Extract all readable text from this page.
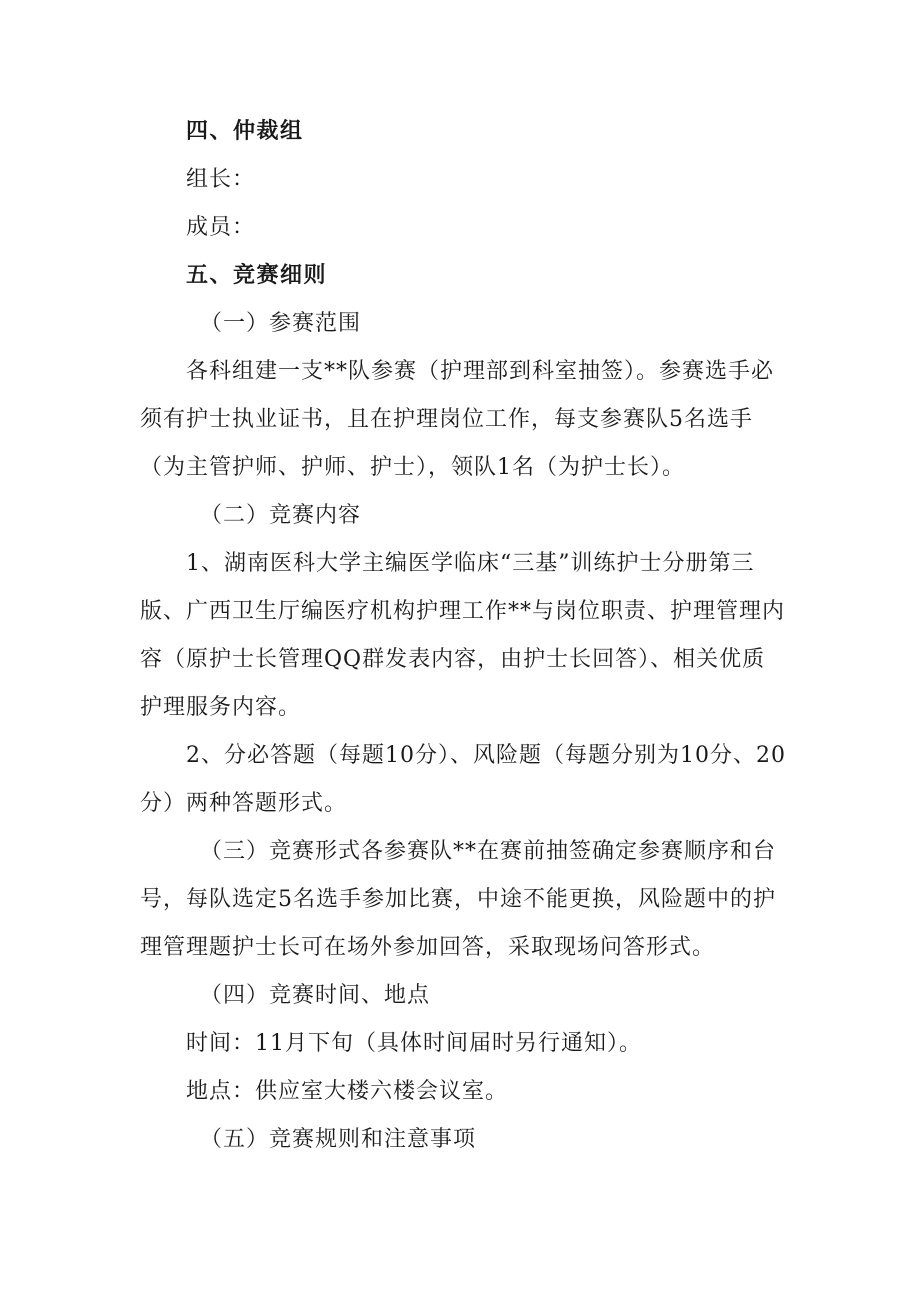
四、仲裁组
组长：
成员：
五、竞赛细则
（一）参赛范围
各科组建一支**队参赛（护理部到科室抽签）。参赛选手必
须有护士执业证书，且在护理岗位工作，每支参赛队5名选手
（为主管护师、护师、护士），领队1名（为护士长）。
（二）竞赛内容
1、湖南医科大学主编医学临床“三基”训练护士分册第三
版、广西卫生厅编医疗机构护理工作**与岗位职责、护理管理内
容（原护士长管理QQ群发表内容，由护士长回答）、相关优质
护理服务内容。
2、分必答题（每题10分）、风险题（每题分别为10分、20
分）两种答题形式。
（三）竞赛形式各参赛队**在赛前抽签确定参赛顺序和台
号，每队选定5名选手参加比赛，中途不能更换，风险题中的护
理管理题护士长可在场外参加回答，采取现场问答形式。
（四）竞赛时间、地点
时间：11月下旬（具体时间届时另行通知）。
地点：供应室大楼六楼会议室。
（五）竞赛规则和注意事项
